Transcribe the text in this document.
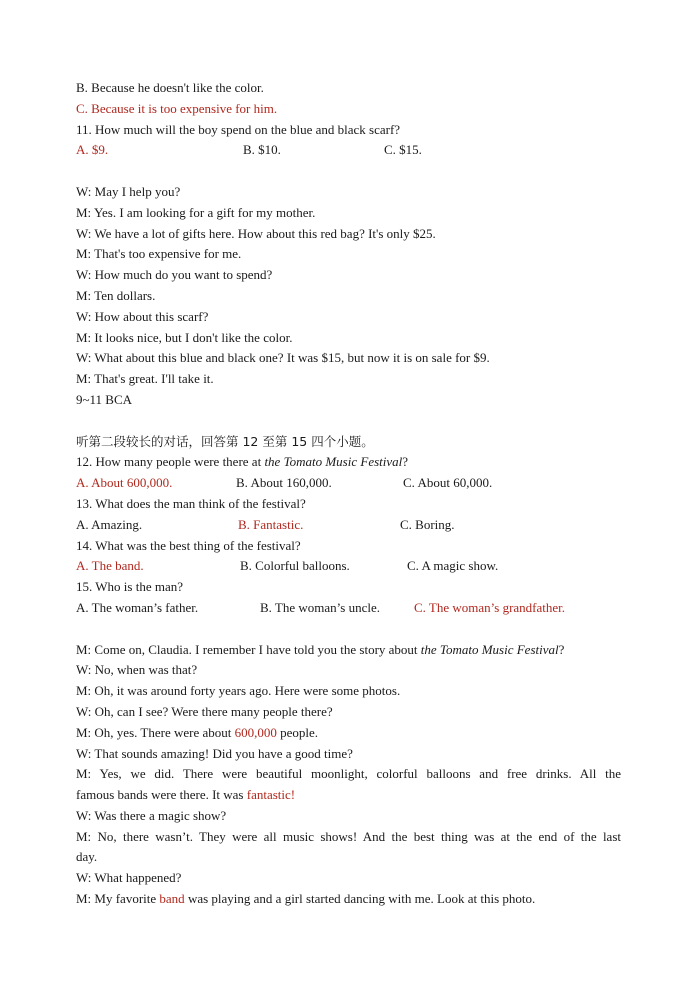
B. Because he doesn't like the color.
C. Because it is too expensive for him.
11. How much will the boy spend on the blue and black scarf?
A. $9.	B. $10.	C. $15.
W: May I help you?
M: Yes. I am looking for a gift for my mother.
W: We have a lot of gifts here. How about this red bag? It's only $25.
M: That's too expensive for me.
W: How much do you want to spend?
M: Ten dollars.
W: How about this scarf?
M: It looks nice, but I don't like the color.
W: What about this blue and black one? It was $15, but now it is on sale for $9.
M: That's great. I'll take it.
9~11 BCA
听第二段较长的对话，回答第 12 至第 15 四个小题。
12. How many people were there at the Tomato Music Festival?
A. About 600,000.	B. About 160,000.	C. About 60,000.
13. What does the man think of the festival?
A. Amazing.	B. Fantastic.	C. Boring.
14. What was the best thing of the festival?
A. The band.	B. Colorful balloons.	C. A magic show.
15. Who is the man?
A. The woman’s father.	B. The woman’s uncle.	C. The woman’s grandfather.
M: Come on, Claudia. I remember I have told you the story about the Tomato Music Festival?
W: No, when was that?
M: Oh, it was around forty years ago. Here were some photos.
W: Oh, can I see? Were there many people there?
M: Oh, yes. There were about 600,000 people.
W: That sounds amazing! Did you have a good time?
M: Yes, we did. There were beautiful moonlight, colorful balloons and free drinks. All the
famous bands were there. It was fantastic!
W: Was there a magic show?
M: No, there wasn’t. They were all music shows! And the best thing was at the end of the last
day.
W: What happened?
M: My favorite band was playing and a girl started dancing with me. Look at this photo.
